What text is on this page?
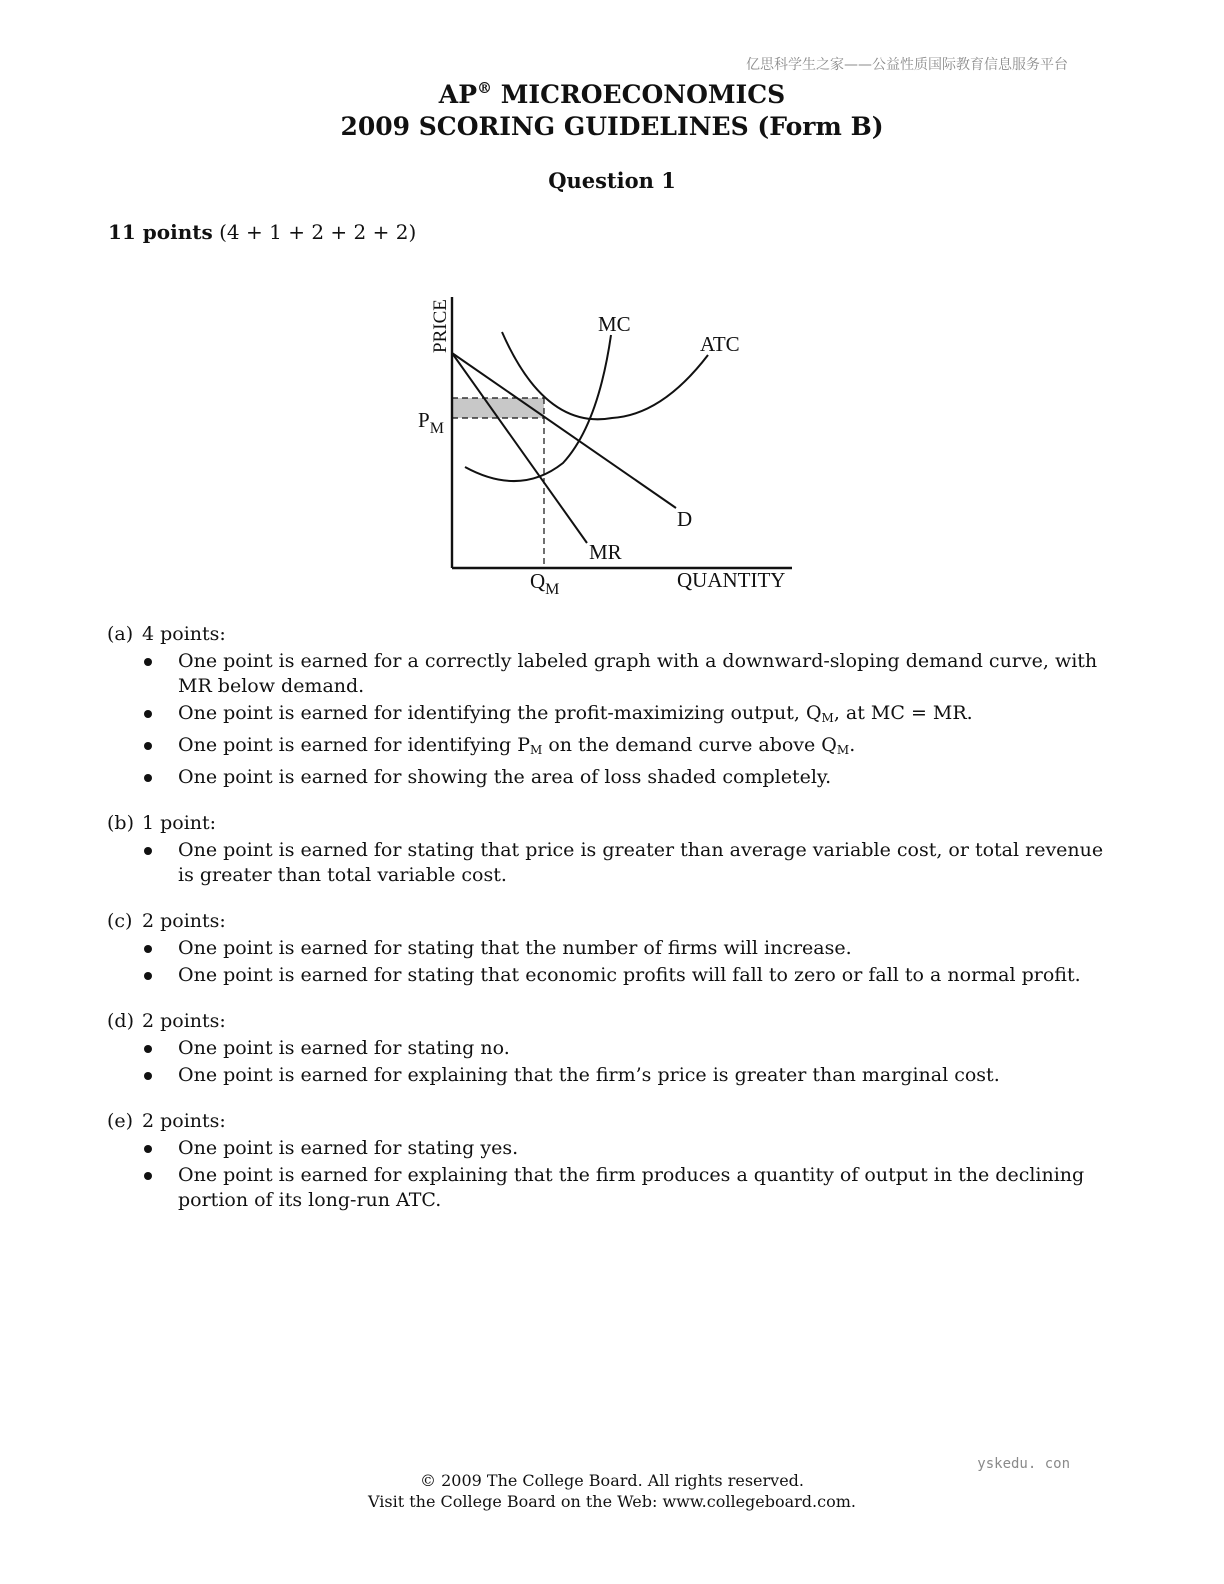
亿思科学生之家——公益性质国际教育信息服务平台
AP® MICROECONOMICS
2009 SCORING GUIDELINES (Form B)
Question 1
11 points (4 + 1 + 2 + 2 + 2)
PRICE
QUANTITY
MC
ATC
D
MR
$P_M$
$Q_M$
(a) 4 points:
One point is earned for a correctly labeled graph with a downward-sloping demand curve, with MR below demand.
One point is earned for identifying the profit-maximizing output, $Q_M$, at MC = MR.
One point is earned for identifying $P_M$ on the demand curve above $Q_M$.
One point is earned for showing the area of loss shaded completely.
(b) 1 point:
One point is earned for stating that price is greater than average variable cost, or total revenue is greater than total variable cost.
(c) 2 points:
One point is earned for stating that the number of firms will increase.
One point is earned for stating that economic profits will fall to zero or fall to a normal profit.
(d) 2 points:
One point is earned for stating no.
One point is earned for explaining that the firm’s price is greater than marginal cost.
(e) 2 points:
One point is earned for stating yes.
One point is earned for explaining that the firm produces a quantity of output in the declining portion of its long-run ATC.
yskedu. con
© 2009 The College Board. All rights reserved.
Visit the College Board on the Web: www.collegeboard.com.
